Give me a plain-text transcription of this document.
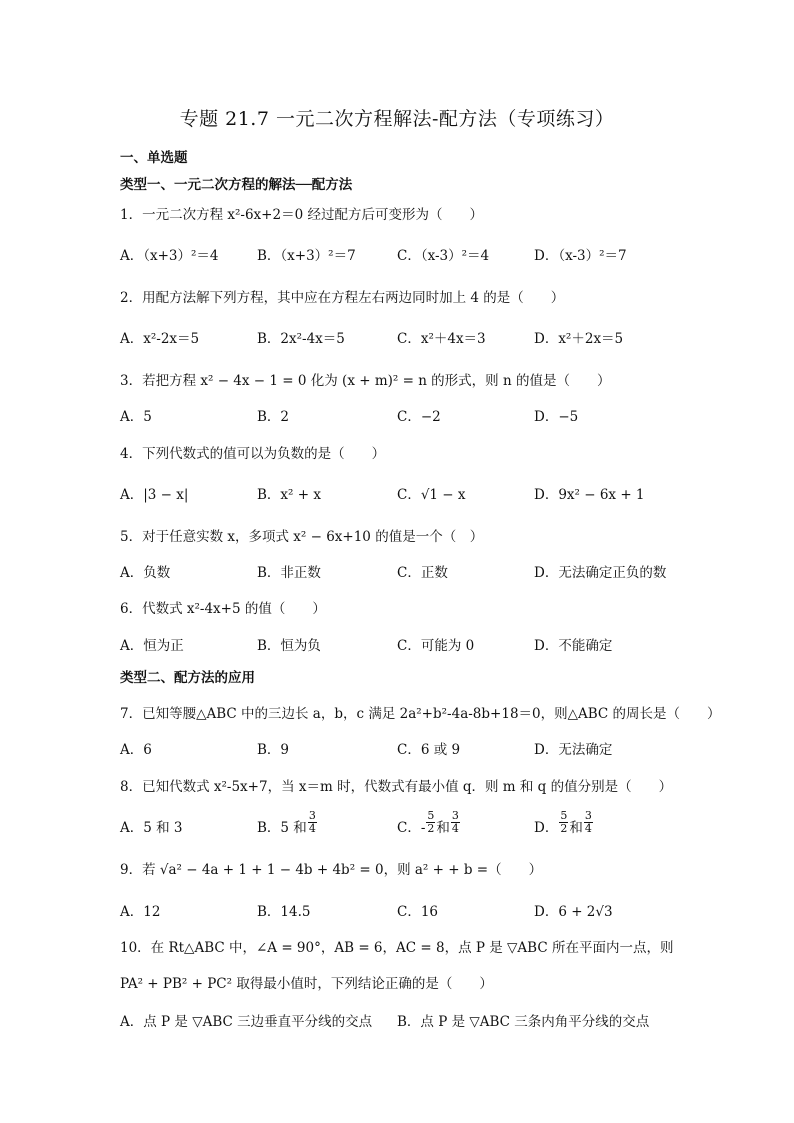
专题 21.7 一元二次方程解法-配方法（专项练习）
一、单选题
类型一、一元二次方程的解法──配方法
1．一元二次方程 x²-6x+2＝0 经过配方后可变形为（　　）
A．（x+3）²＝4	B．（x+3）²＝7	C．（x-3）²＝4	D．（x-3）²＝7
2．用配方法解下列方程，其中应在方程左右两边同时加上 4 的是（　　）
A．x²-2x＝5	B．2x²-4x＝5	C．x²＋4x＝3	D．x²＋2x＝5
3．若把方程 x² − 4x − 1 = 0 化为 (x + m)² = n 的形式，则 n 的值是（　　）
A．5	B．2	C．−2	D．−5
4．下列代数式的值可以为负数的是（　　）
A．|3 − x|	B．x² + x	C．√1 − x	D．9x² − 6x + 1
5．对于任意实数 x，多项式 x² − 6x+10 的值是一个（　）
A．负数	B．非正数	C．正数	D．无法确定正负的数
6．代数式 x²-4x+5 的值（　　）
A．恒为正	B．恒为负	C．可能为 0	D．不能确定
类型二、配方法的应用
7．已知等腰△ABC 中的三边长 a，b，c 满足 2a²+b²-4a-8b+18＝0，则△ABC 的周长是（　　）
A．6	B．9	C．6 或 9	D．无法确定
8．已知代数式 x²-5x+7，当 x＝m 时，代数式有最小值 q．则 m 和 q 的值分别是（　　）
A．5 和 3	B．5 和 $\frac{3}{4}$	C．- $\frac{5}{2}$ 和 $\frac{3}{4}$	D． $\frac{5}{2}$ 和 $\frac{3}{4}$
9．若 √a² − 4a + 1 + 1 − 4b + 4b² = 0，则 a² + + b =（　　）
A．12	B．14.5	C．16	D．6 + 2√3
10．在 Rt△ABC 中，∠A = 90°，AB = 6，AC = 8，点 P 是 ▽ABC 所在平面内一点，则
PA² + PB² + PC² 取得最小值时，下列结论正确的是（　　）
A．点 P 是 ▽ABC 三边垂直平分线的交点 B．点 P 是 ▽ABC 三条内角平分线的交点
